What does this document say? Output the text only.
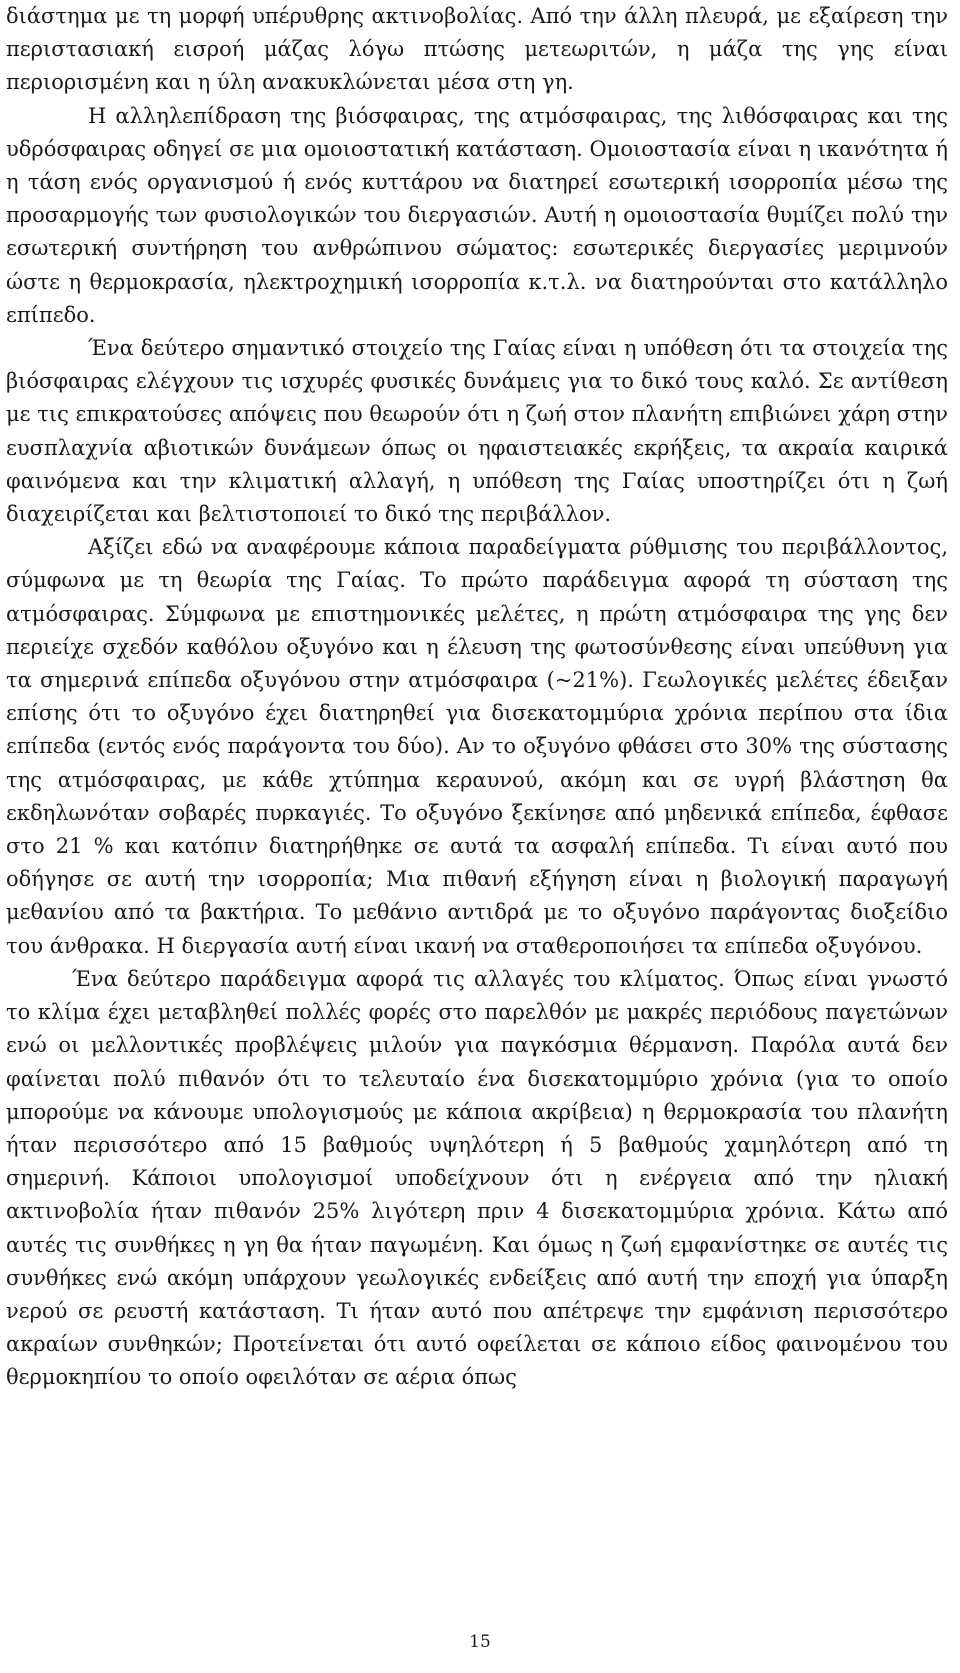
διάστημα με τη μορφή υπέρυθρης ακτινοβολίας. Από την άλλη πλευρά, με εξαίρεση την περιστασιακή εισροή μάζας λόγω πτώσης μετεωριτών, η μάζα της γης είναι περιορισμένη και η ύλη ανακυκλώνεται μέσα στη γη.

Η αλληλεπίδραση της βιόσφαιρας, της ατμόσφαιρας, της λιθόσφαιρας και της υδρόσφαιρας οδηγεί σε μια ομοιοστατική κατάσταση. Ομοιοστασία είναι η ικανότητα ή η τάση ενός οργανισμού ή ενός κυττάρου να διατηρεί εσωτερική ισορροπία μέσω της προσαρμογής των φυσιολογικών του διεργασιών. Αυτή η ομοιοστασία θυμίζει πολύ την εσωτερική συντήρηση του ανθρώπινου σώματος: εσωτερικές διεργασίες μεριμνούν ώστε η θερμοκρασία, ηλεκτροχημική ισορροπία κ.τ.λ. να διατηρούνται στο κατάλληλο επίπεδο.

Ένα δεύτερο σημαντικό στοιχείο της Γαίας είναι η υπόθεση ότι τα στοιχεία της βιόσφαιρας ελέγχουν τις ισχυρές φυσικές δυνάμεις για το δικό τους καλό. Σε αντίθεση με τις επικρατούσες απόψεις που θεωρούν ότι η ζωή στον πλανήτη επιβιώνει χάρη στην ευσπλαχνία αβιοτικών δυνάμεων όπως οι ηφαιστειακές εκρήξεις, τα ακραία καιρικά φαινόμενα και την κλιματική αλλαγή, η υπόθεση της Γαίας υποστηρίζει ότι η ζωή διαχειρίζεται και βελτιστοποιεί το δικό της περιβάλλον.

Αξίζει εδώ να αναφέρουμε κάποια παραδείγματα ρύθμισης του περιβάλλοντος, σύμφωνα με τη θεωρία της Γαίας. Το πρώτο παράδειγμα αφορά τη σύσταση της ατμόσφαιρας. Σύμφωνα με επιστημονικές μελέτες, η πρώτη ατμόσφαιρα της γης δεν περιείχε σχεδόν καθόλου οξυγόνο και η έλευση της φωτοσύνθεσης είναι υπεύθυνη για τα σημερινά επίπεδα οξυγόνου στην ατμόσφαιρα (~21%). Γεωλογικές μελέτες έδειξαν επίσης ότι το οξυγόνο έχει διατηρηθεί για δισεκατομμύρια χρόνια περίπου στα ίδια επίπεδα (εντός ενός παράγοντα του δύο). Αν το οξυγόνο φθάσει στο 30% της σύστασης της ατμόσφαιρας, με κάθε χτύπημα κεραυνού, ακόμη και σε υγρή βλάστηση θα εκδηλωνόταν σοβαρές πυρκαγιές. Το οξυγόνο ξεκίνησε από μηδενικά επίπεδα, έφθασε στο 21 % και κατόπιν διατηρήθηκε σε αυτά τα ασφαλή επίπεδα. Τι είναι αυτό που οδήγησε σε αυτή την ισορροπία; Μια πιθανή εξήγηση είναι η βιολογική παραγωγή μεθανίου από τα βακτήρια. Το μεθάνιο αντιδρά με το οξυγόνο παράγοντας διοξείδιο του άνθρακα. Η διεργασία αυτή είναι ικανή να σταθεροποιήσει τα επίπεδα οξυγόνου.

Ένα δεύτερο παράδειγμα αφορά τις αλλαγές του κλίματος. Όπως είναι γνωστό το κλίμα έχει μεταβληθεί πολλές φορές στο παρελθόν με μακρές περιόδους παγετώνων ενώ οι μελλοντικές προβλέψεις μιλούν για παγκόσμια θέρμανση. Παρόλα αυτά δεν φαίνεται πολύ πιθανόν ότι το τελευταίο ένα δισεκατομμύριο χρόνια (για το οποίο μπορούμε να κάνουμε υπολογισμούς με κάποια ακρίβεια) η θερμοκρασία του πλανήτη ήταν περισσότερο από 15 βαθμούς υψηλότερη ή 5 βαθμούς χαμηλότερη από τη σημερινή. Κάποιοι υπολογισμοί υποδείχνουν ότι η ενέργεια από την ηλιακή ακτινοβολία ήταν πιθανόν 25% λιγότερη πριν 4 δισεκατομμύρια χρόνια. Κάτω από αυτές τις συνθήκες η γη θα ήταν παγωμένη. Και όμως η ζωή εμφανίστηκε σε αυτές τις συνθήκες ενώ ακόμη υπάρχουν γεωλογικές ενδείξεις από αυτή την εποχή για ύπαρξη νερού σε ρευστή κατάσταση. Τι ήταν αυτό που απέτρεψε την εμφάνιση περισσότερο ακραίων συνθηκών; Προτείνεται ότι αυτό οφείλεται σε κάποιο είδος φαινομένου του θερμοκηπίου το οποίο οφειλόταν σε αέρια όπως

15
